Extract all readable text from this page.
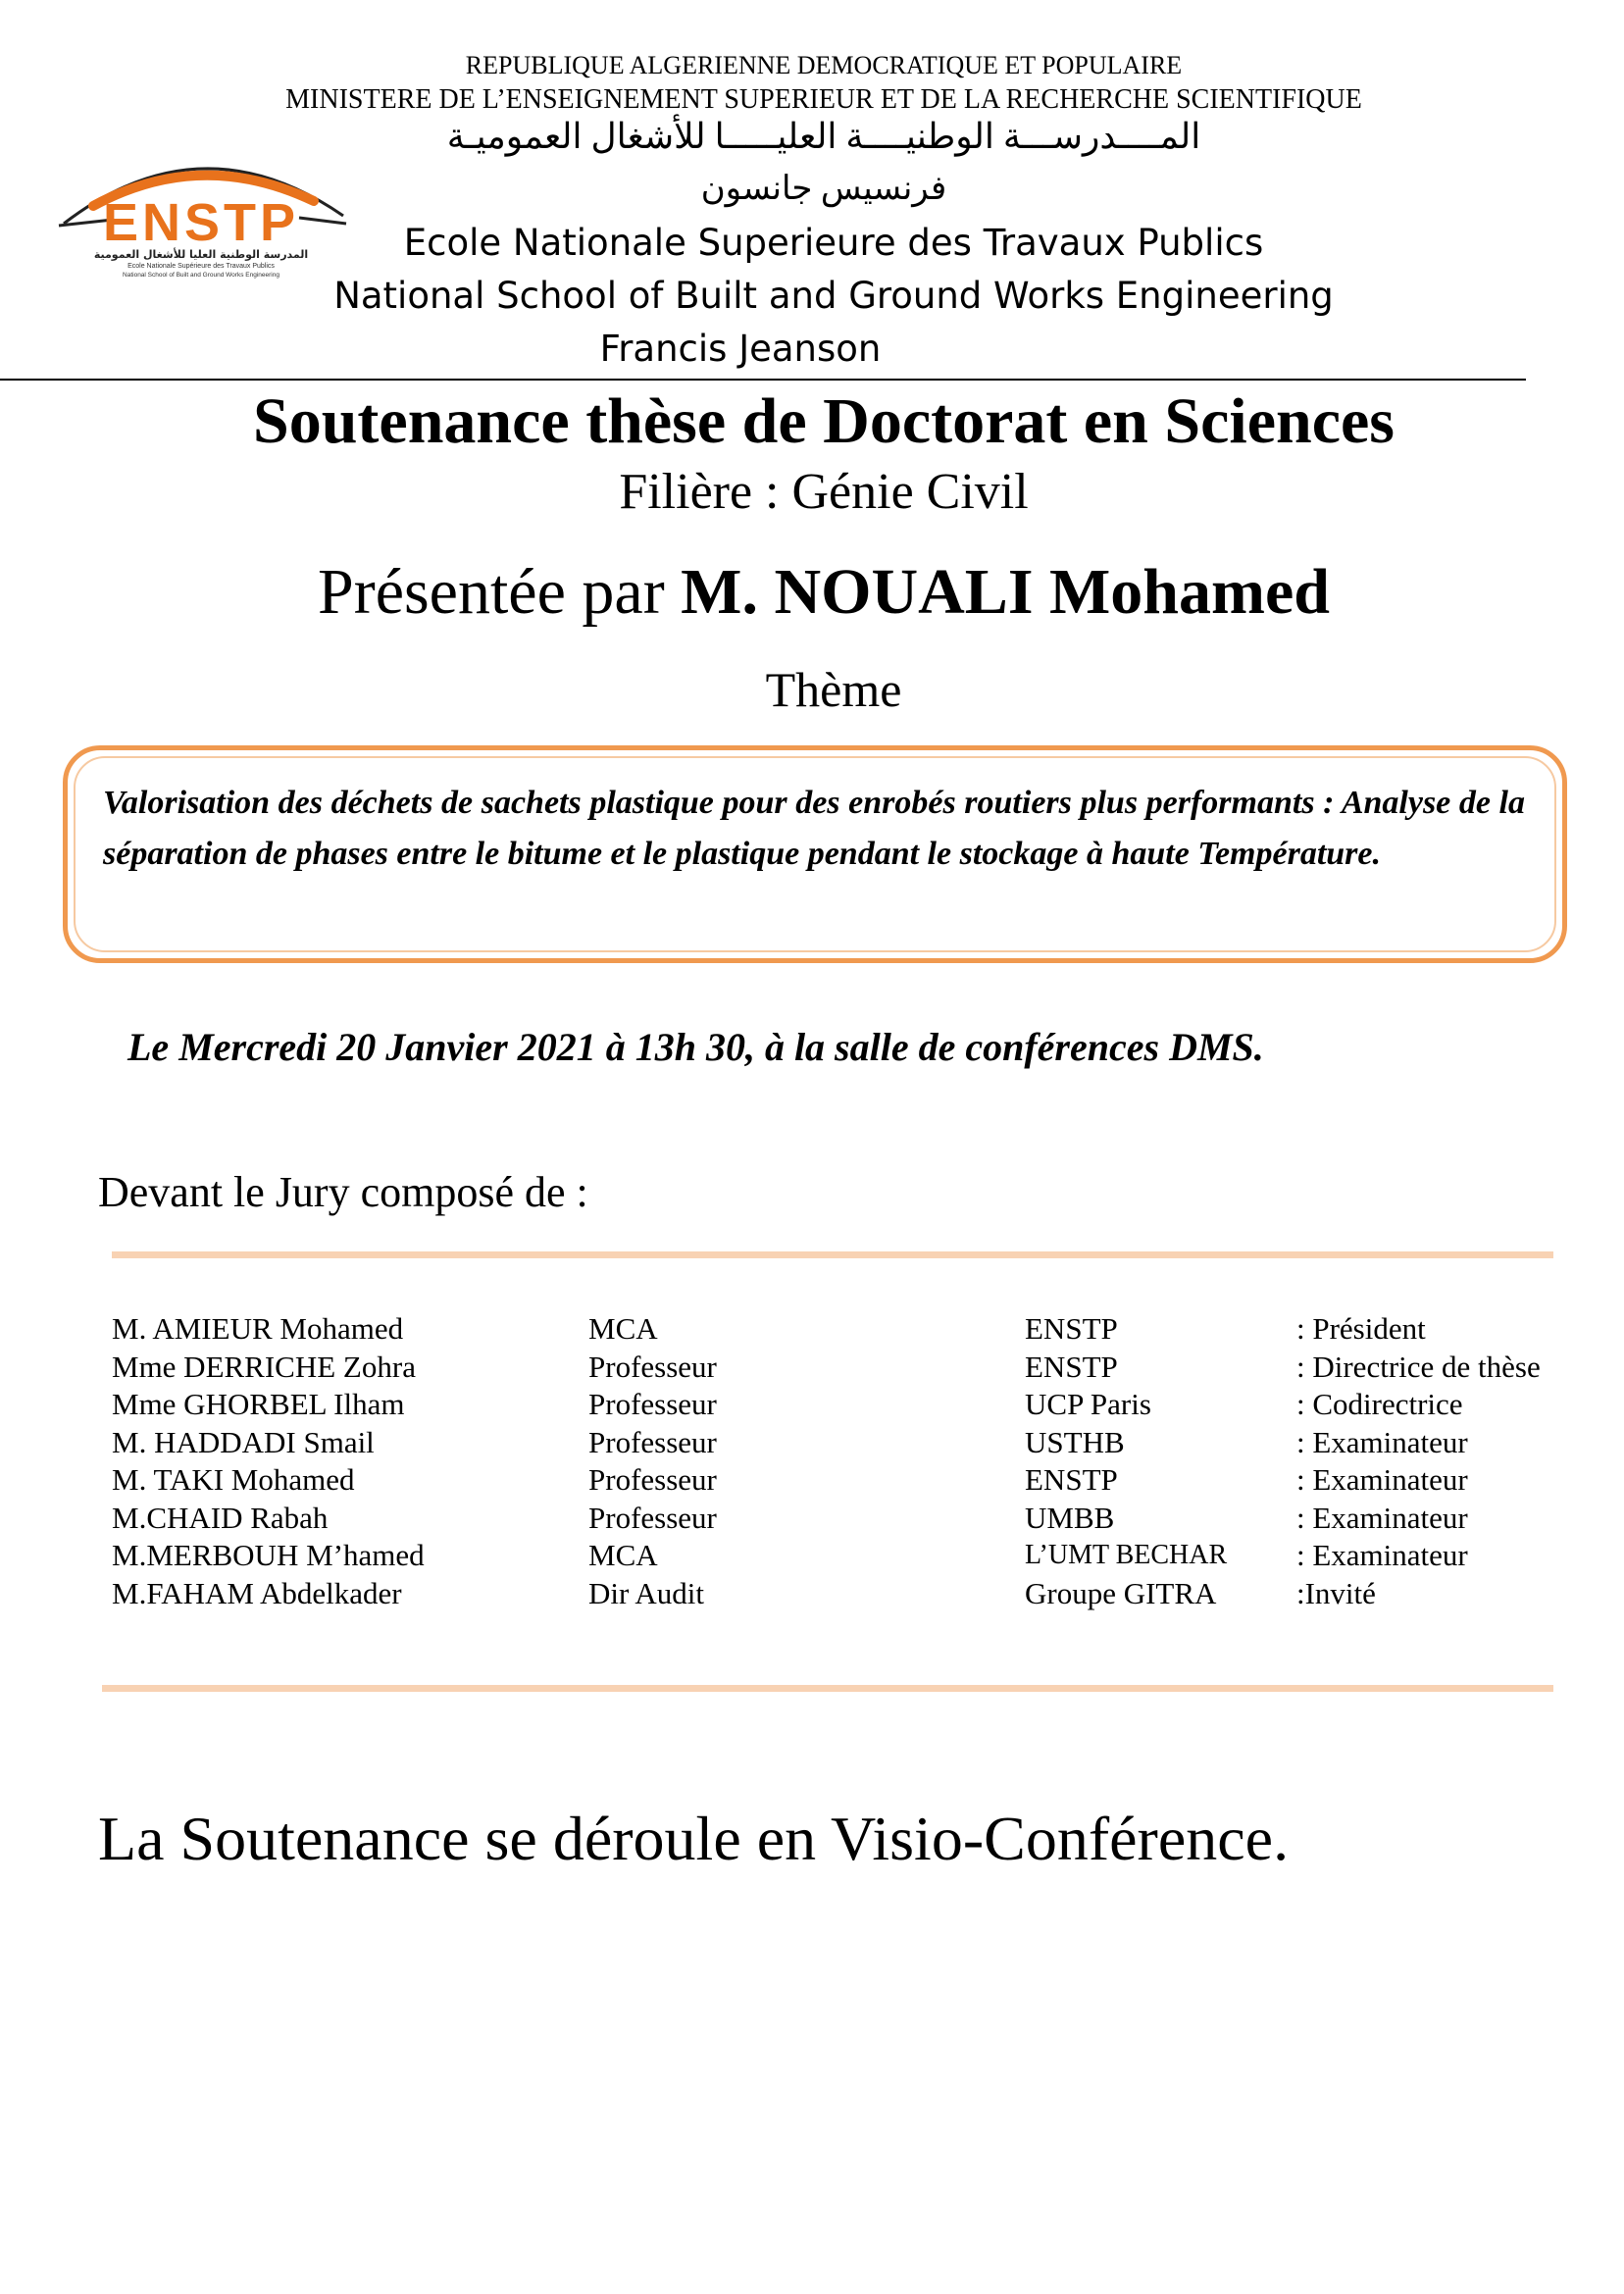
REPUBLIQUE ALGERIENNE DEMOCRATIQUE ET POPULAIRE
MINISTERE DE L’ENSEIGNEMENT SUPERIEUR ET DE LA RECHERCHE SCIENTIFIQUE
المــــدرســـة الوطنيــــة العليـــــا للأشغال العموميـة
فرنسيس جانسون
Ecole Nationale Superieure des Travaux Publics
National School of Built and Ground Works Engineering
Francis Jeanson
ENSTP
المدرسة الوطنية العليا للأشغال العمومية
Ecole Nationale Supérieure des Travaux Publics
National School of Built and Ground Works Engineering
Soutenance thèse de Doctorat en Sciences
Filière : Génie Civil
Présentée par M. NOUALI Mohamed
Thème
Valorisation des déchets de sachets plastique pour des enrobés routiers plus performants : Analyse de la séparation de phases entre le bitume et le plastique pendant le stockage à haute Température.
Le Mercredi 20 Janvier 2021 à 13h 30, à la salle de conférences DMS.
Devant le Jury composé de :
M. AMIEUR Mohamed	MCA	ENSTP	: Président
Mme DERRICHE Zohra	Professeur	ENSTP	: Directrice de thèse
Mme GHORBEL Ilham	Professeur	UCP Paris	: Codirectrice
M. HADDADI Smail	Professeur	USTHB	: Examinateur
M. TAKI Mohamed	Professeur	ENSTP	: Examinateur
M.CHAID Rabah	Professeur	UMBB	: Examinateur
M.MERBOUH M’hamed	MCA	L’UMT BECHAR : Examinateur
M.FAHAM Abdelkader	Dir Audit	Groupe GITRA	:Invité
La Soutenance se déroule en Visio-Conférence.
